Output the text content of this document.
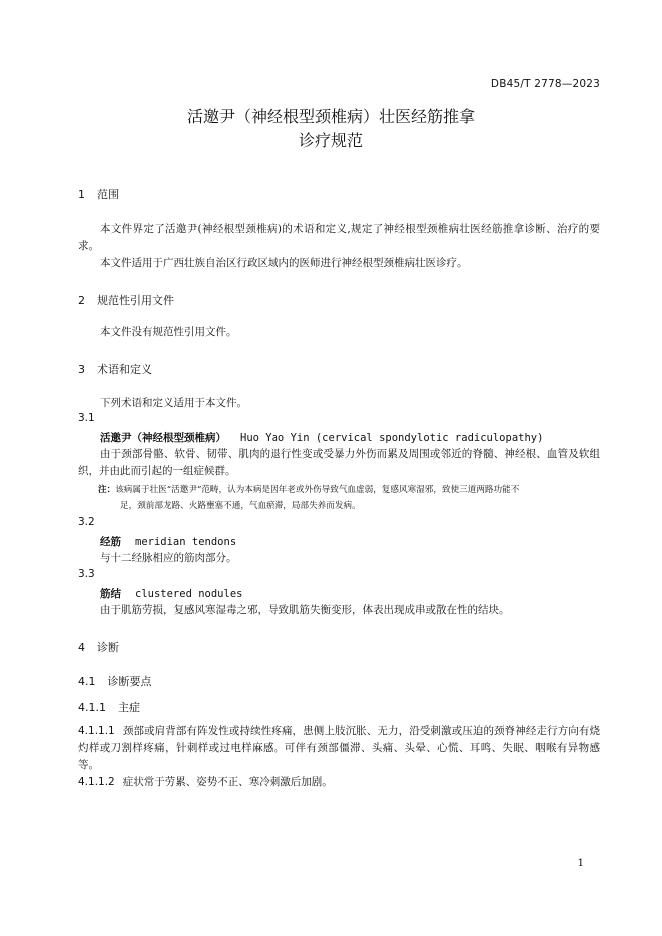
DB45/T 2778—2023
活邀尹（神经根型颈椎病）壮医经筋推拿
诊疗规范
1 范围
本文件界定了活邀尹(神经根型颈椎病)的术语和定义,规定了神经根型颈椎病壮医经筋推拿诊断、治疗的要求。
本文件适用于广西壮族自治区行政区域内的医师进行神经根型颈椎病壮医诊疗。
2 规范性引用文件
本文件没有规范性引用文件。
3 术语和定义
下列术语和定义适用于本文件。
3.1
活邀尹（神经根型颈椎病） Huo Yao Yin (cervical spondylotic radiculopathy)
由于颈部骨骼、软骨、韧带、肌肉的退行性变或受暴力外伤而累及周围或邻近的脊髓、神经根、血管及软组织，并由此而引起的一组症候群。
注：该病属于壮医“活邀尹”范畴，认为本病是因年老或外伤导致气血虚弱，复感风寒湿邪，致使三道两路功能不
足，颈前部龙路、火路壅塞不通，气血瘀滞，局部失养而发病。
3.2
经筋 meridian tendons
与十二经脉相应的筋肉部分。
3.3
筋结 clustered nodules
由于肌筋劳损，复感风寒湿毒之邪，导致肌筋失衡变形，体表出现成串或散在性的结块。
4 诊断
4.1 诊断要点
4.1.1 主症
4.1.1.1 颈部或肩背部有阵发性或持续性疼痛，患侧上肢沉胀、无力，沿受刺激或压迫的颈脊神经走行方向有烧灼样或刀割样疼痛，针刺样或过电样麻感。可伴有颈部僵滞、头痛、头晕、心慌、耳鸣、失眠、咽喉有异物感等。
4.1.1.2 症状常于劳累、姿势不正、寒冷刺激后加剧。
1
